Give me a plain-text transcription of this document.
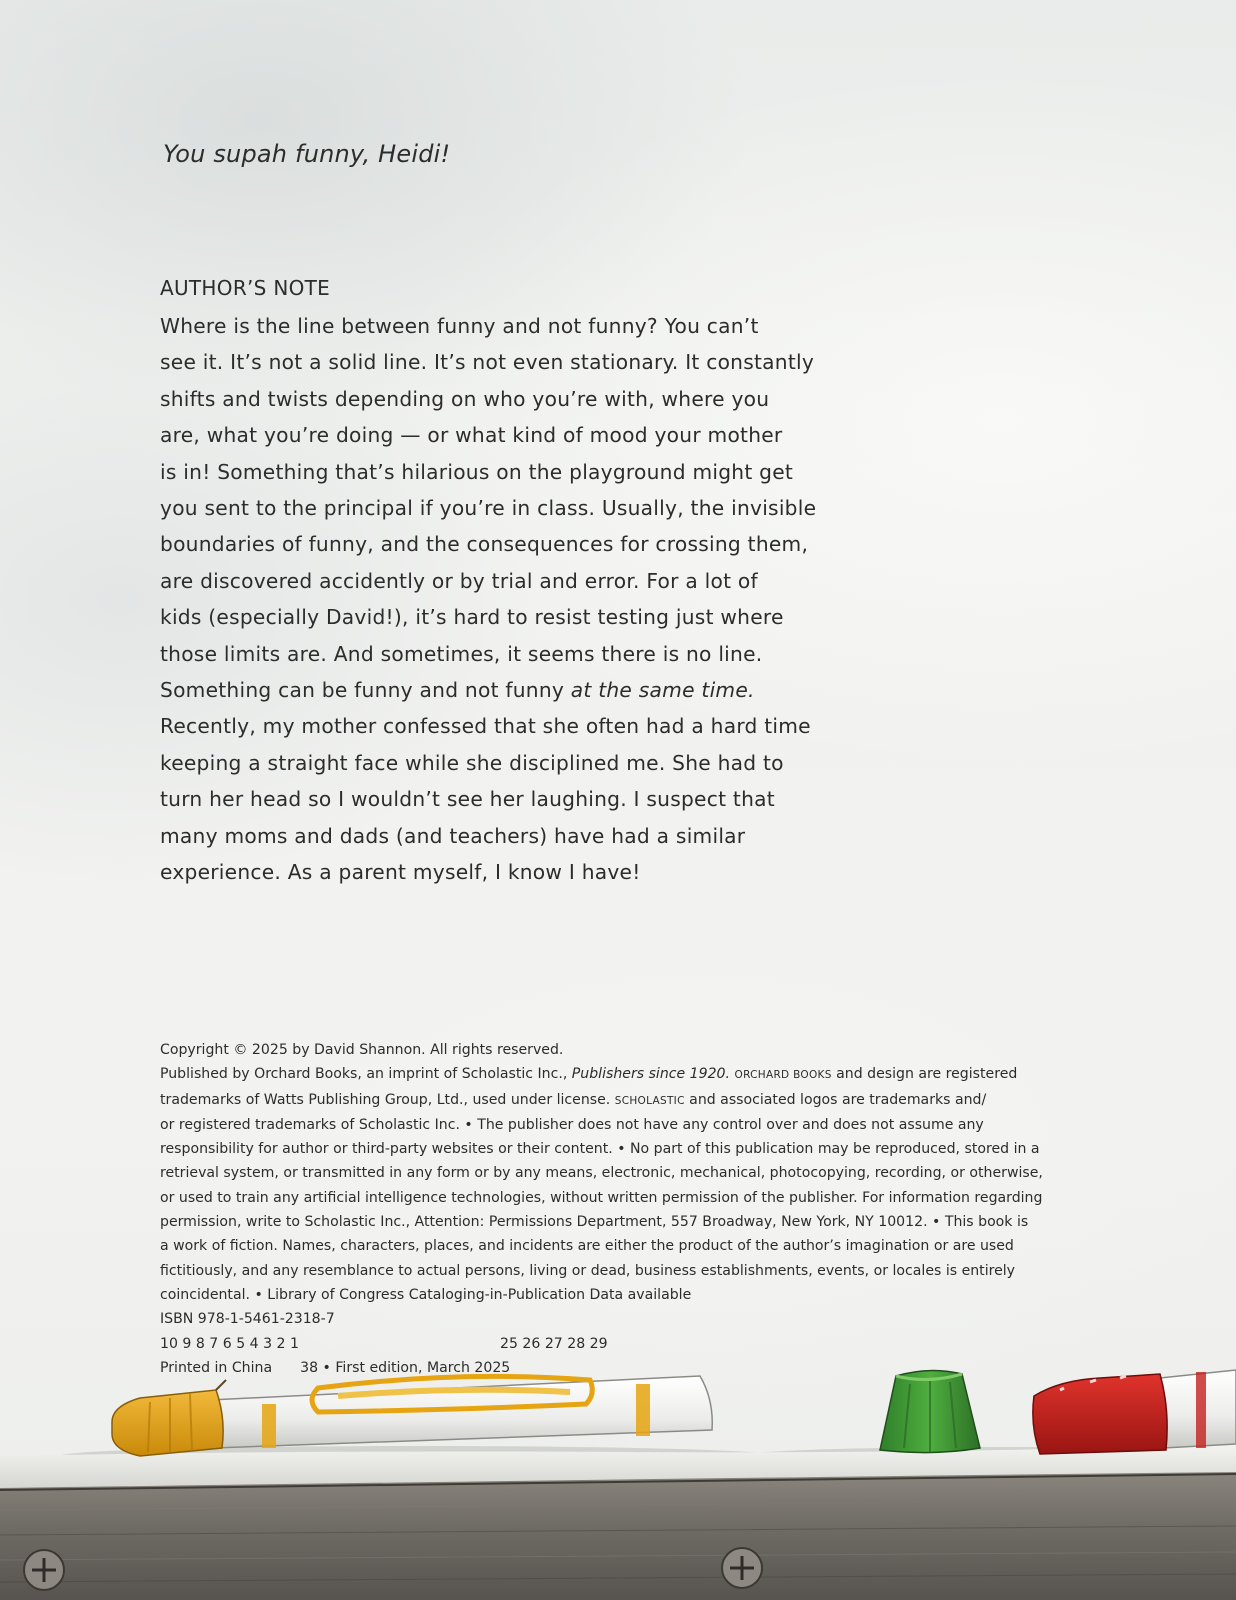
You supah funny, Heidi!
AUTHOR’S NOTE
Where is the line between funny and not funny? You can’t
see it. It’s not a solid line. It’s not even stationary. It constantly
shifts and twists depending on who you’re with, where you
are, what you’re doing — or what kind of mood your mother
is in! Something that’s hilarious on the playground might get
you sent to the principal if you’re in class. Usually, the invisible
boundaries of funny, and the consequences for crossing them,
are discovered accidently or by trial and error. For a lot of
kids (especially David!), it’s hard to resist testing just where
those limits are. And sometimes, it seems there is no line.
Something can be funny and not funny at the same time.
Recently, my mother confessed that she often had a hard time
keeping a straight face while she disciplined me. She had to
turn her head so I wouldn’t see her laughing. I suspect that
many moms and dads (and teachers) have had a similar
experience. As a parent myself, I know I have!
Copyright © 2025 by David Shannon. All rights reserved.
Published by Orchard Books, an imprint of Scholastic Inc., Publishers since 1920. ORCHARD BOOKS and design are registered
trademarks of Watts Publishing Group, Ltd., used under license. SCHOLASTIC and associated logos are trademarks and/
or registered trademarks of Scholastic Inc. • The publisher does not have any control over and does not assume any
responsibility for author or third-party websites or their content. • No part of this publication may be reproduced, stored in a
retrieval system, or transmitted in any form or by any means, electronic, mechanical, photocopying, recording, or otherwise,
or used to train any artificial intelligence technologies, without written permission of the publisher. For information regarding
permission, write to Scholastic Inc., Attention: Permissions Department, 557 Broadway, New York, NY 10012. • This book is
a work of fiction. Names, characters, places, and incidents are either the product of the author’s imagination or are used
fictitiously, and any resemblance to actual persons, living or dead, business establishments, events, or locales is entirely
coincidental. • Library of Congress Cataloging-in-Publication Data available
ISBN 978-1-5461-2318-7
10 9 8 7 6 5 4 3 2 1	25 26 27 28 29
Printed in China 38 • First edition, March 2025
